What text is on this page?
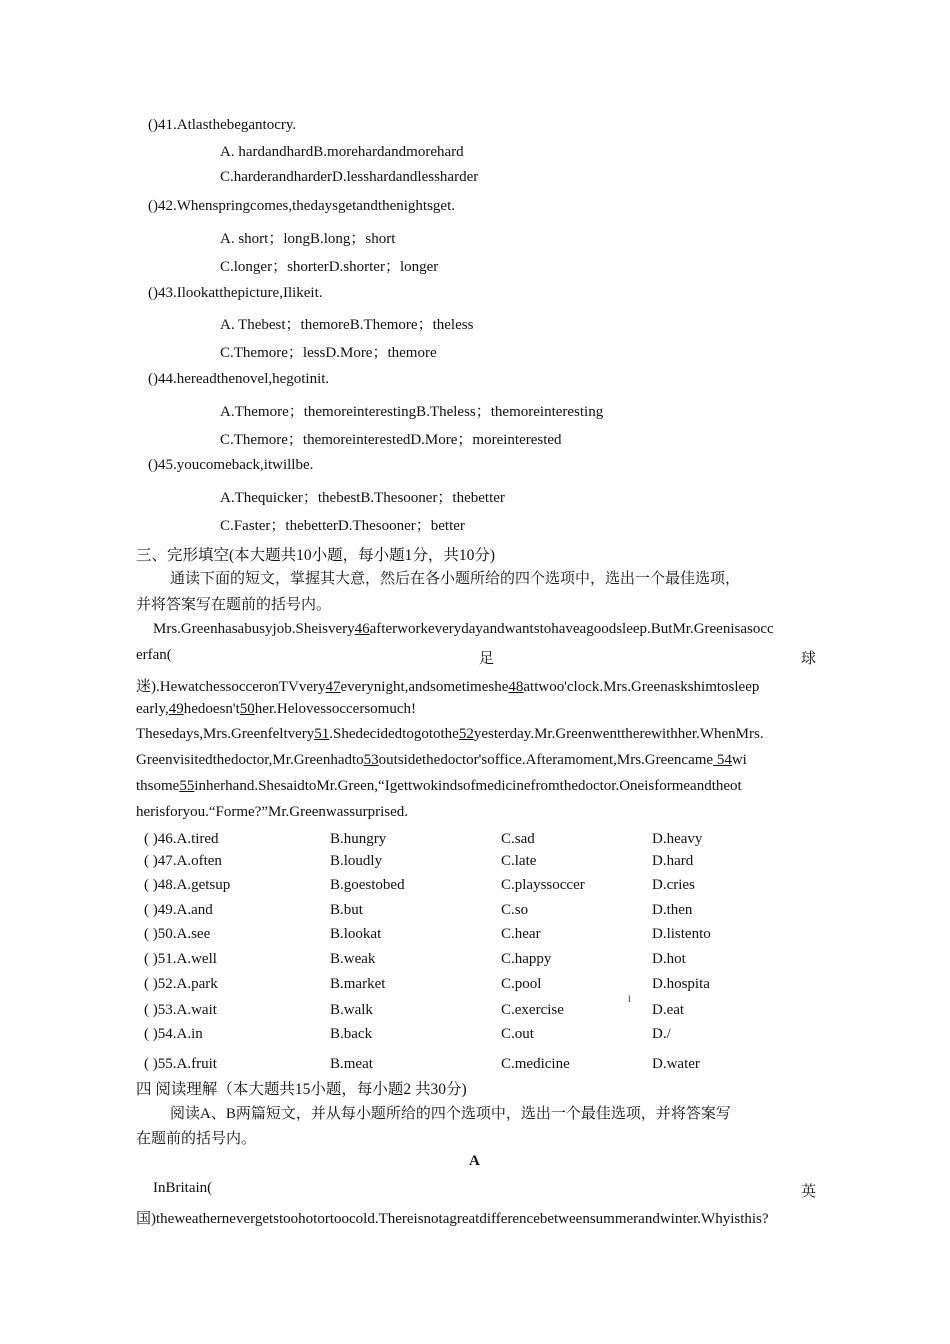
()41.Atlasthebegantocry.
A. hardandhardB.morehardandmorehard
C.harderandharderD.lesshardandlessharder
()42.Whenspringcomes,thedaysgetandthenightsget.
A. short；longB.long；short
C.longer；shorterD.shorter；longer
()43.Ilookatthepicture,Ilikeit.
A. Thebest；themoreB.Themore；theless
C.Themore；lessD.More；themore
()44.hereadthenovel,hegotinit.
A.Themore；themoreinterestingB.Theless；themoreinteresting
C.Themore；themoreinterestedD.More；moreinterested
()45.youcomeback,itwillbe.
A.Thequicker；thebestB.Thesooner；thebetter
C.Faster；thebetterD.Thesooner；better
三、完形填空(本大题共10小题，每小题1分，共10分)
通读下面的短文，掌握其大意，然后在各小题所给的四个选项中，选出一个最佳选项，
并将答案写在题前的括号内。
Mrs.Greenhasabusyjob.Sheisvery46afterworkeverydayandwantstohaveagoodsleep.ButMr.Greenisasocc
erfan(	足	球
迷).HewatchessocceronTVvery47everynight,andsometimeshe48attwoo'clock.Mrs.Greenaskshimtosleep
early,49hedoesn't50her.Helovessoccersomuch!
Thesedays,Mrs.Greenfeltvery51.Shedecidedtogotothe52yesterday.Mr.Greenwenttherewithher.WhenMrs.
Greenvisitedthedoctor,Mr.Greenhadto53outsidethedoctor'soffice.Afteramoment,Mrs.Greencame 54wi
thsome55inherhand.ShesaidtoMr.Green,“Igettwokindsofmedicinefromthedoctor.Oneisformeandtheot
herisforyou.“Forme?”Mr.Greenwassurprised.
( )46.A.tired	B.hungry	C.sad	D.heavy
( )47.A.often	B.loudly	C.late	D.hard
( )48.A.getsup	B.goestobed	C.playssoccer	D.cries
( )49.A.and	B.but	C.so	D.then
( )50.A.see	B.lookat	C.hear	D.listento
( )51.A.well	B.weak	C.happy	D.hot
( )52.A.park	B.market	C.pool	D.hospita
( )53.A.wait	B.walk	C.exercise	D.eat
( )54.A.in	B.back	C.out	D./
( )55.A.fruit	B.meat	C.medicine	D.water
l
四 阅读理解（本大题共15小题，每小题2 共30分)
阅读A、B两篇短文，并从每小题所给的四个选项中，选出一个最佳选项，并将答案写
在题前的括号内。
A
InBritain(	英
国)theweathernevergetstoohotortoocold.Thereisnotagreatdifferencebetweensummerandwinter.Whyisthis?
